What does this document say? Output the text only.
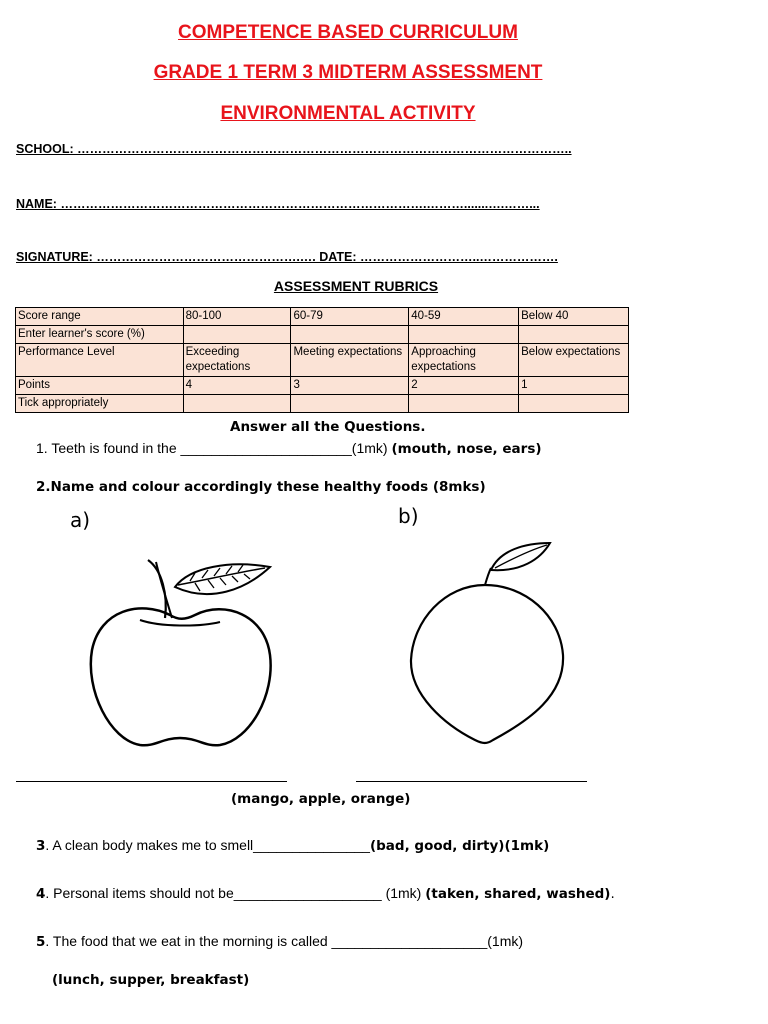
COMPETENCE BASED CURRICULUM
GRADE 1 TERM 3 MIDTERM ASSESSMENT
ENVIRONMENTAL ACTIVITY
SCHOOL: ………………………………………………………………………………………………………..
NAME: …………………………………………………………………………….……….......….……...
SIGNATURE: ………………………………………….…. DATE: ………………………..……………….
ASSESSMENT RUBRICS
Score range	80-100	60-79	40-59	Below 40
Enter learner's score (%)				
Performance Level	Exceeding expectations	Meeting expectations	Approaching expectations	Below expectations
Points	4	3	2	1
Tick appropriately				
Answer all the Questions.
1. Teeth is found in the ______________________(1mk) (mouth, nose, ears)
2.Name and colour accordingly these healthy foods (8mks)
a)	b)
(mango, apple, orange)
3. A clean body makes me to smell_______________(bad, good, dirty)(1mk)
4. Personal items should not be___________________ (1mk) (taken, shared, washed).
5. The food that we eat in the morning is called ____________________(1mk)
(lunch, supper, breakfast)
